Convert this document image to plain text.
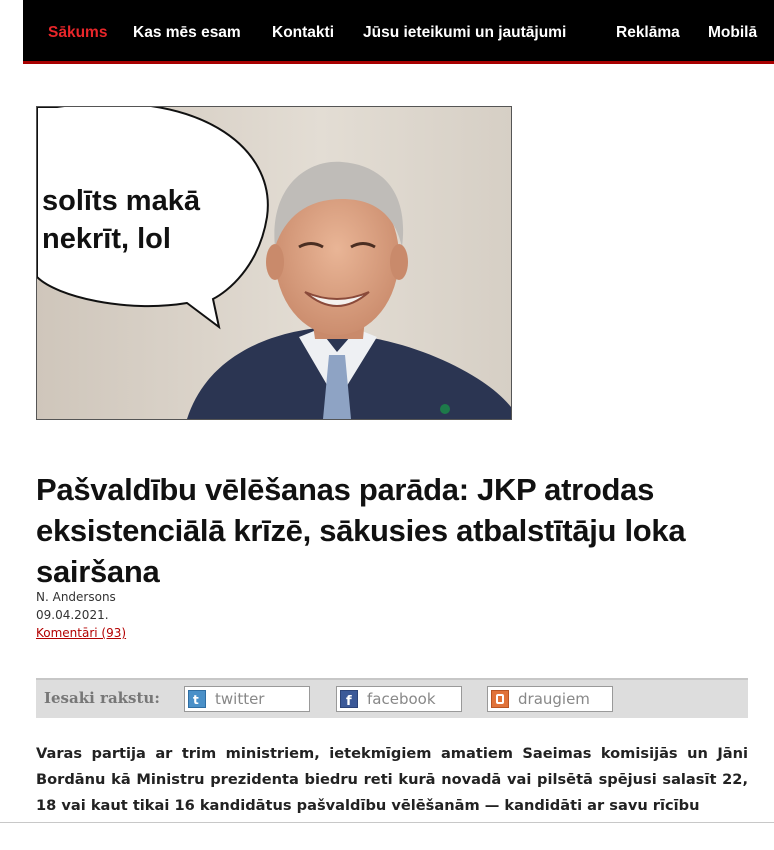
Sākums Kas mēs esam Kontakti Jūsu ieteikumi un jautājumi	Reklāma Mobilā
solīts makā
nekrīt, lol
Pašvaldību vēlēšanas parāda: JKP atrodas eksistenciālā krīzē, sākusies atbalstītāju loka sairšana
N. Andersons
09.04.2021.
Komentāri (93)
Iesaki rakstu:	t twitter	f facebook	draugiem

Varas partija ar trim ministriem, ietekmīgiem amatiem Saeimas komisijās un Jāni Bordānu kā Ministru prezidenta biedru reti kurā novadā vai pilsētā spējusi salasīt 22, 18 vai kaut tikai 16 kandidātus pašvaldību vēlēšanām — kandidāti ar savu rīcību
